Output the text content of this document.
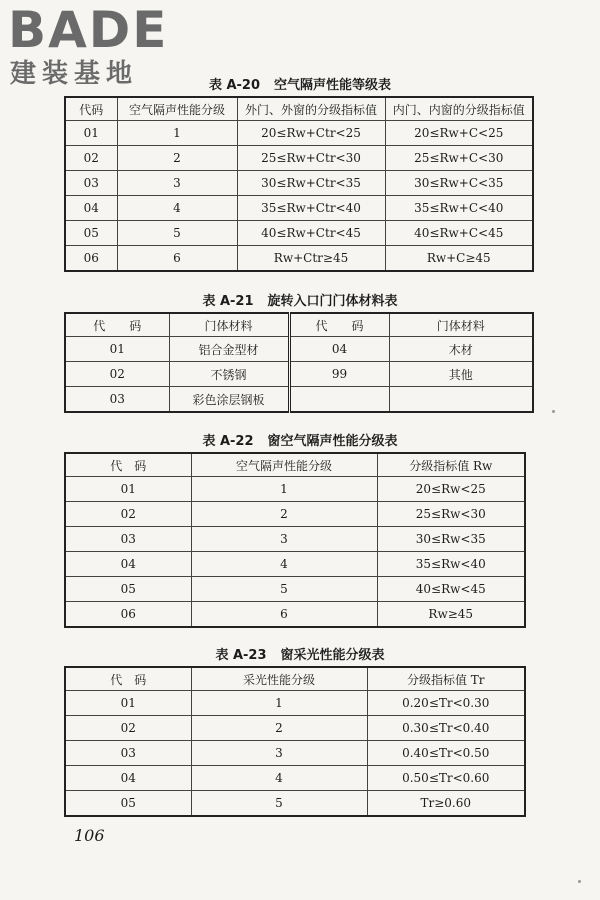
BADE
建装基地	表 A-20 空气隔声性能等级表
代码	空气隔声性能分级	外门、外窗的分级指标值	内门、内窗的分级指标值
01	1	20≤Rw+Ctr<25	20≤Rw+C<25
02	2	25≤Rw+Ctr<30	25≤Rw+C<30
03	3	30≤Rw+Ctr<35	30≤Rw+C<35
04	4	35≤Rw+Ctr<40	35≤Rw+C<40
05	5	40≤Rw+Ctr<45	40≤Rw+C<45
06	6	Rw+Ctr≥45	Rw+C≥45
表 A-21 旋转入口门门体材料表
代　　码	门体材料	代　　码	门体材料
01	铝合金型材	04	木材
02	不锈钢	99	其他
03	彩色涂层钢板		
表 A-22 窗空气隔声性能分级表
代　码	空气隔声性能分级	分级指标值 Rw
01	1	20≤Rw<25
02	2	25≤Rw<30
03	3	30≤Rw<35
04	4	35≤Rw<40
05	5	40≤Rw<45
06	6	Rw≥45
表 A-23 窗采光性能分级表
代　码	采光性能分级	分级指标值 Tr
01	1	0.20≤Tr<0.30
02	2	0.30≤Tr<0.40
03	3	0.40≤Tr<0.50
04	4	0.50≤Tr<0.60
05	5	Tr≥0.60
106
